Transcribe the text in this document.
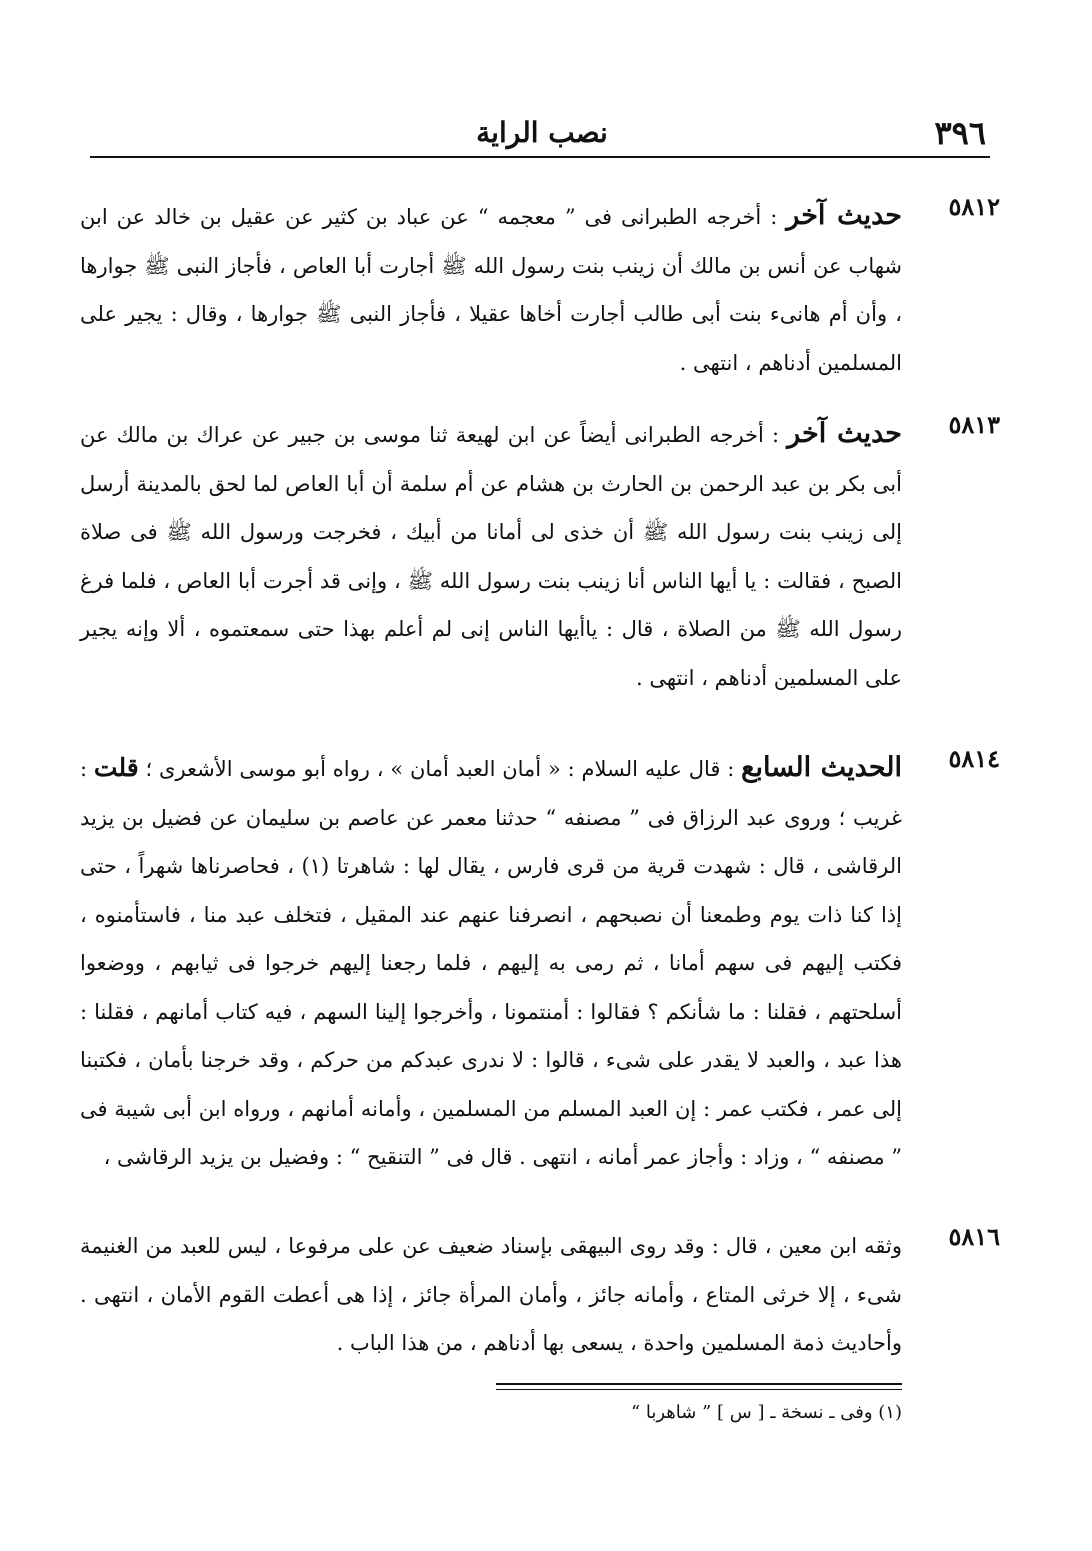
٣٩٦
نصب الراية
٥٨١٢
حديث آخر : أخرجه الطبرانى فى ” معجمه “ عن عباد بن كثير عن عقيل بن خالد عن ابن شهاب عن أنس بن مالك أن زينب بنت رسول الله ﷺ أجارت أبا العاص ، فأجاز النبى ﷺ جوارها ، وأن أم هانىء بنت أبى طالب أجارت أخاها عقيلا ، فأجاز النبى ﷺ جوارها ، وقال : يجير على المسلمين أدناهم ، انتهى .
٥٨١٣
حديث آخر : أخرجه الطبرانى أيضاً عن ابن لهيعة ثنا موسى بن جبير عن عراك بن مالك عن أبى بكر بن عبد الرحمن بن الحارث بن هشام عن أم سلمة أن أبا العاص لما لحق بالمدينة أرسل إلى زينب بنت رسول الله ﷺ أن خذى لى أمانا من أبيك ، فخرجت ورسول الله ﷺ فى صلاة الصبح ، فقالت : يا أيها الناس أنا زينب بنت رسول الله ﷺ ، وإنى قد أجرت أبا العاص ، فلما فرغ رسول الله ﷺ من الصلاة ، قال : ياأيها الناس إنى لم أعلم بهذا حتى سمعتموه ، ألا وإنه يجير على المسلمين أدناهم ، انتهى .
٥٨١٤
الحديث السابع : قال عليه السلام : « أمان العبد أمان » ، رواه أبو موسى الأشعرى ؛ قلت : غريب ؛ وروى عبد الرزاق فى ” مصنفه “ حدثنا معمر عن عاصم بن سليمان عن فضيل بن يزيد الرقاشى ، قال : شهدت قرية من قرى فارس ، يقال لها : شاهرتا (١) ، فحاصرناها شهراً ، حتى إذا كنا ذات يوم وطمعنا أن نصبحهم ، انصرفنا عنهم عند المقيل ، فتخلف عبد منا ، فاستأمنوه ، فكتب إليهم فى سهم أمانا ، ثم رمى به إليهم ، فلما رجعنا إليهم خرجوا فى ثيابهم ، ووضعوا أسلحتهم ، فقلنا : ما شأنكم ؟ فقالوا : أمنتمونا ، وأخرجوا إلينا السهم ، فيه كتاب أمانهم ، فقلنا : هذا عبد ، والعبد لا يقدر على شىء ، قالوا : لا ندرى عبدكم من حركم ، وقد خرجنا بأمان ، فكتبنا إلى عمر ، فكتب عمر : إن العبد المسلم من المسلمين ، وأمانه أمانهم ، ورواه ابن أبى شيبة فى ” مصنفه “ ، وزاد : وأجاز عمر أمانه ، انتهى . قال فى ” التنقيح “ : وفضيل بن يزيد الرقاشى ،
٥٨١٦
وثقه ابن معين ، قال : وقد روى البيهقى بإسناد ضعيف عن على مرفوعا ، ليس للعبد من الغنيمة شىء ، إلا خرثى المتاع ، وأمانه جائز ، وأمان المرأة جائز ، إذا هى أعطت القوم الأمان ، انتهى . وأحاديث ذمة المسلمين واحدة ، يسعى بها أدناهم ، من هذا الباب .
(١) وفى ـ نسخة ـ [ س ] ” شاهربا “
